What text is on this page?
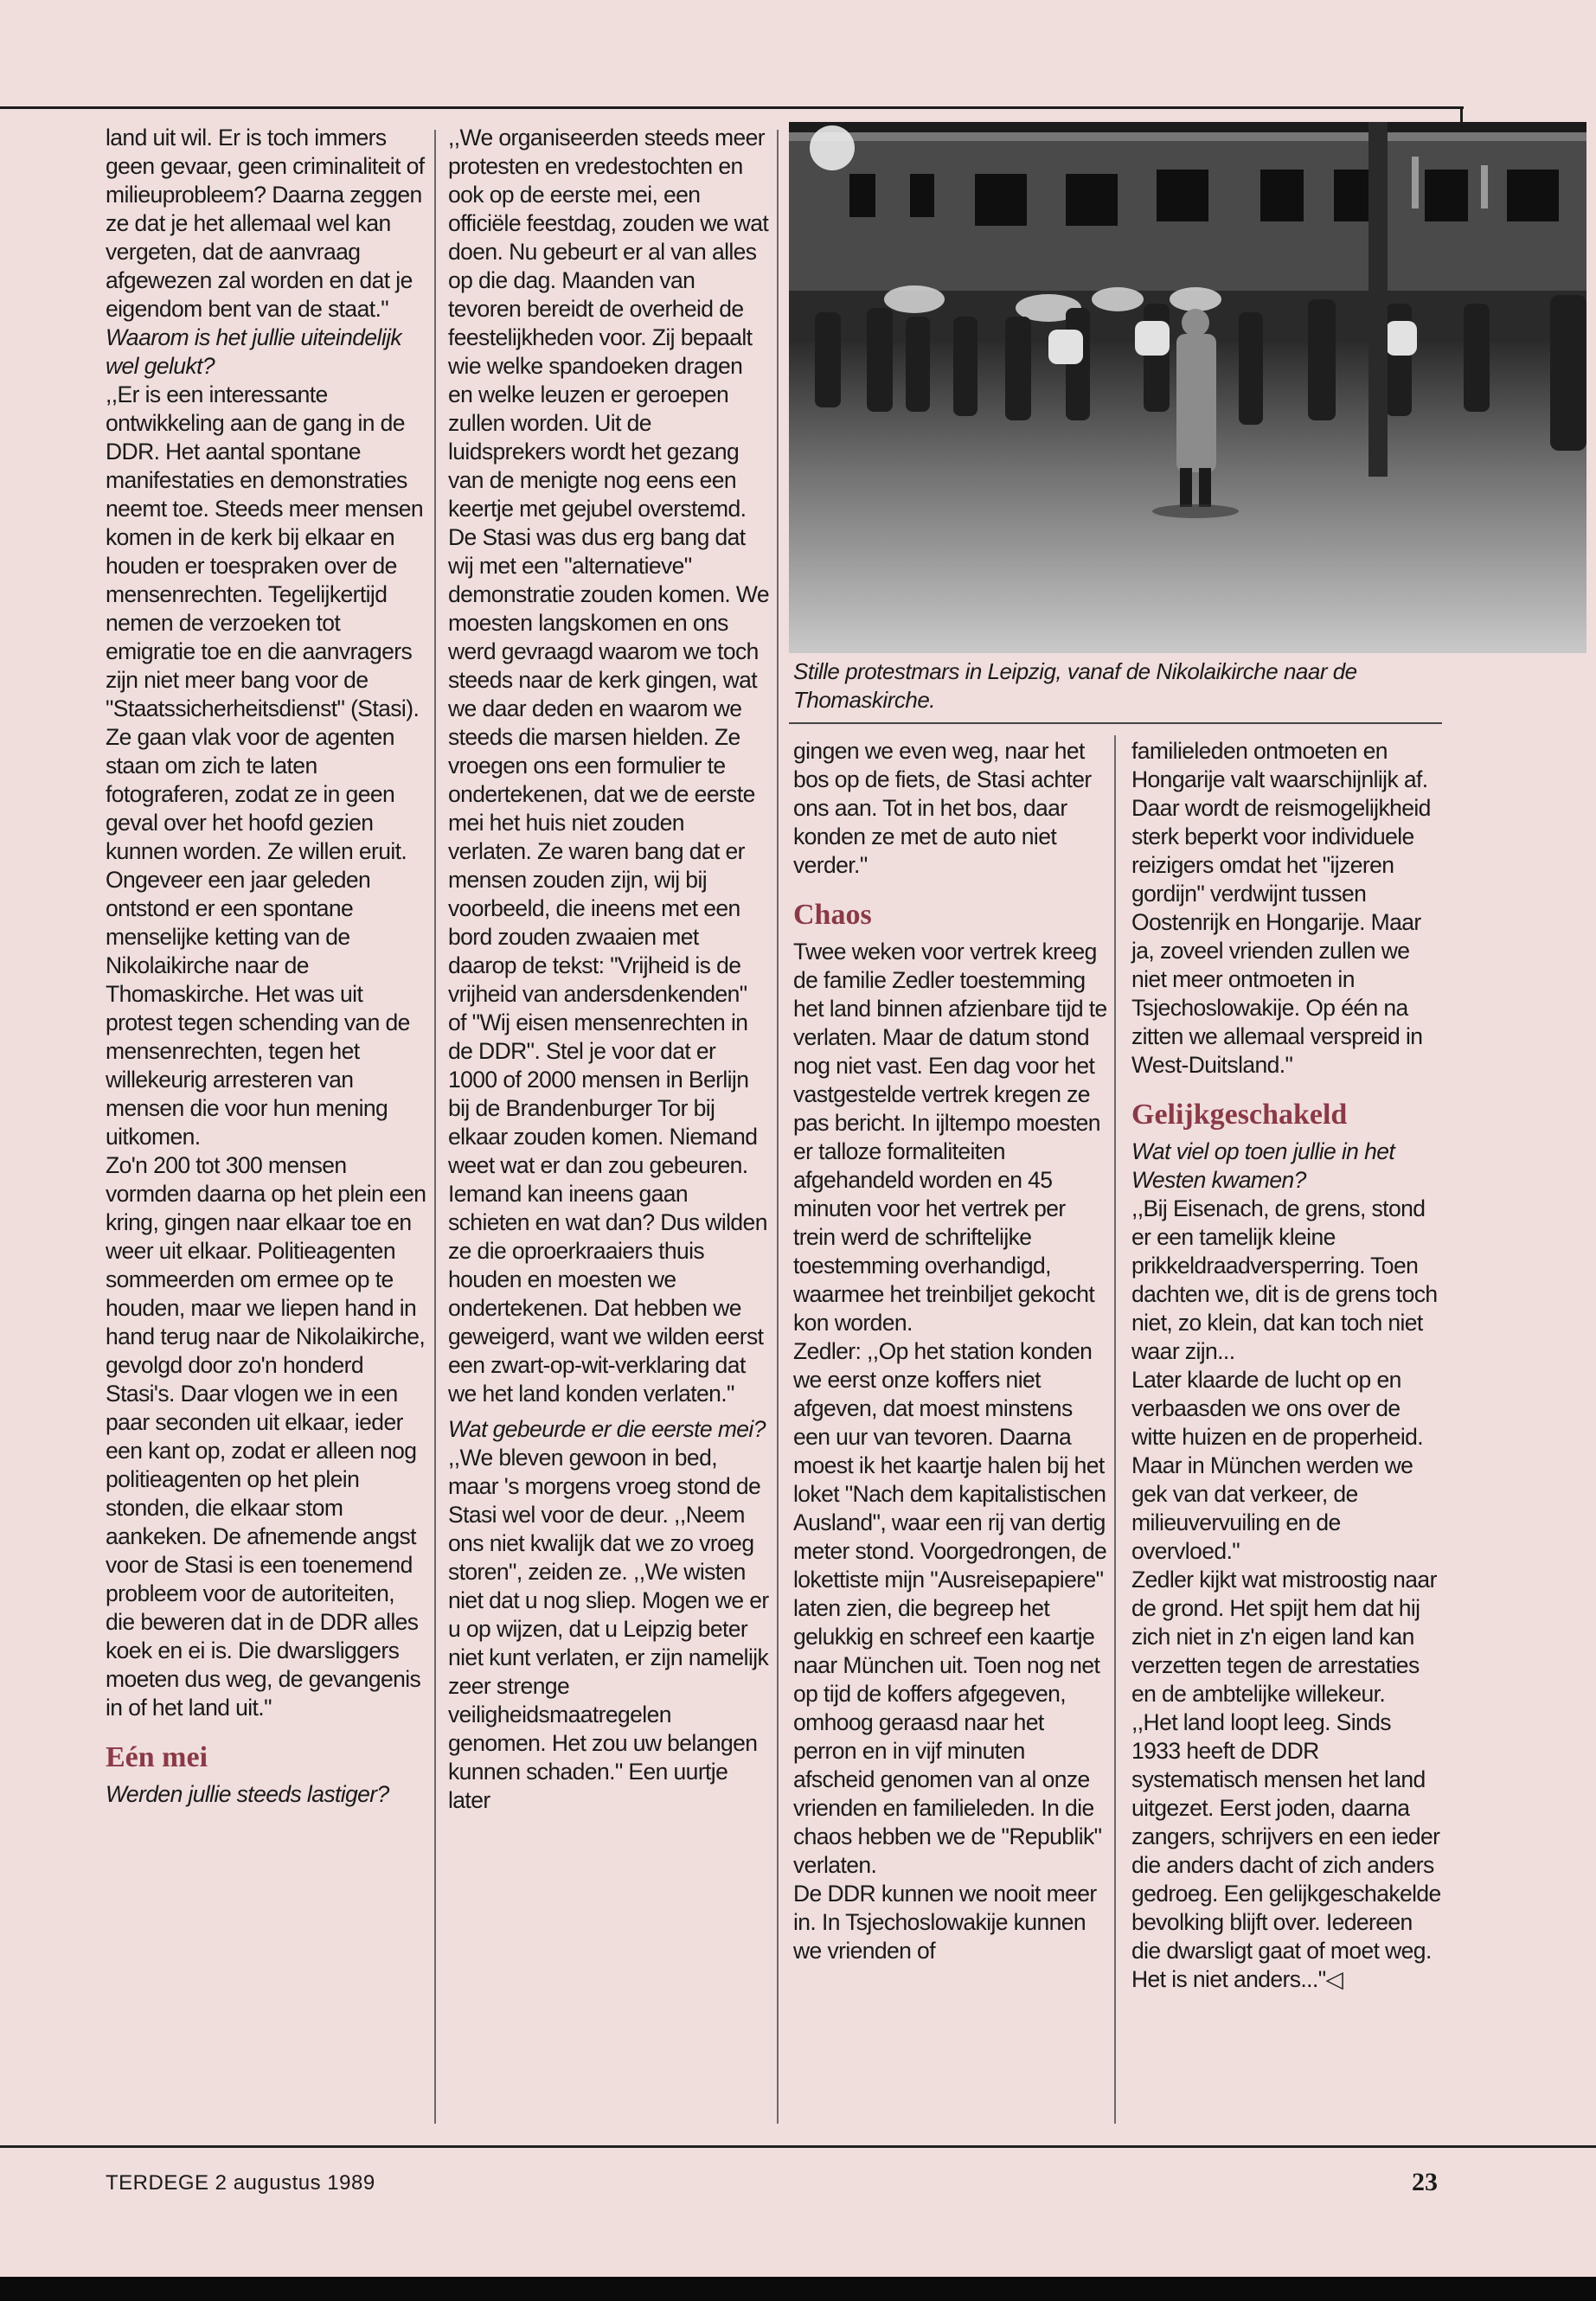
land uit wil. Er is toch immers geen gevaar, geen criminaliteit of milieuprobleem? Daarna zeggen ze dat je het allemaal wel kan vergeten, dat de aanvraag afgewezen zal worden en dat je eigendom bent van de staat."

Waarom is het jullie uiteindelijk wel gelukt?

,,Er is een interessante ontwikkeling aan de gang in de DDR. Het aantal spontane manifestaties en demonstraties neemt toe. Steeds meer mensen komen in de kerk bij elkaar en houden er toespraken over de mensenrechten. Tegelijkertijd nemen de verzoeken tot emigratie toe en die aanvragers zijn niet meer bang voor de "Staatssicherheitsdienst" (Stasi). Ze gaan vlak voor de agenten staan om zich te laten fotograferen, zodat ze in geen geval over het hoofd gezien kunnen worden. Ze willen eruit.

Ongeveer een jaar geleden ontstond er een spontane menselijke ketting van de Nikolaikirche naar de Thomaskirche. Het was uit protest tegen schending van de mensenrechten, tegen het willekeurig arresteren van mensen die voor hun mening uitkomen.

Zo'n 200 tot 300 mensen vormden daarna op het plein een kring, gingen naar elkaar toe en weer uit elkaar. Politieagenten sommeerden om ermee op te houden, maar we liepen hand in hand terug naar de Nikolaikirche, gevolgd door zo'n honderd Stasi's. Daar vlogen we in een paar seconden uit elkaar, ieder een kant op, zodat er alleen nog politieagenten op het plein stonden, die elkaar stom aankeken. De afnemende angst voor de Stasi is een toenemend probleem voor de autoriteiten, die beweren dat in de DDR alles koek en ei is. Die dwarsliggers moeten dus weg, de gevangenis in of het land uit."

Eén mei

Werden jullie steeds lastiger?

,,We organiseerden steeds meer protesten en vredestochten en ook op de eerste mei, een officiële feestdag, zouden we wat doen. Nu gebeurt er al van alles op die dag. Maanden van tevoren bereidt de overheid de feestelijkheden voor. Zij bepaalt wie welke spandoeken dragen en welke leuzen er geroepen zullen worden. Uit de luidsprekers wordt het gezang van de menigte nog eens een keertje met gejubel overstemd.

De Stasi was dus erg bang dat wij met een "alternatieve" demonstratie zouden komen. We moesten langskomen en ons werd gevraagd waarom we toch steeds naar de kerk gingen, wat we daar deden en waarom we steeds die marsen hielden. Ze vroegen ons een formulier te ondertekenen, dat we de eerste mei het huis niet zouden verlaten. Ze waren bang dat er mensen zouden zijn, wij bij voorbeeld, die ineens met een bord zouden zwaaien met daarop de tekst: "Vrijheid is de vrijheid van andersdenkenden" of "Wij eisen mensenrechten in de DDR". Stel je voor dat er 1000 of 2000 mensen in Berlijn bij de Brandenburger Tor bij elkaar zouden komen. Niemand weet wat er dan zou gebeuren. Iemand kan ineens gaan schieten en wat dan? Dus wilden ze die oproerkraaiers thuis houden en moesten we ondertekenen. Dat hebben we geweigerd, want we wilden eerst een zwart-op-wit-verklaring dat we het land konden verlaten."

Wat gebeurde er die eerste mei?

,,We bleven gewoon in bed, maar 's morgens vroeg stond de Stasi wel voor de deur. ,,Neem ons niet kwalijk dat we zo vroeg storen", zeiden ze. ,,We wisten niet dat u nog sliep. Mogen we er u op wijzen, dat u Leipzig beter niet kunt verlaten, er zijn namelijk zeer strenge veiligheidsmaatregelen genomen. Het zou uw belangen kunnen schaden." Een uurtje later

Stille protestmars in Leipzig, vanaf de Nikolaikirche naar de Thomaskirche.

gingen we even weg, naar het bos op de fiets, de Stasi achter ons aan. Tot in het bos, daar konden ze met de auto niet verder."

Chaos

Twee weken voor vertrek kreeg de familie Zedler toestemming het land binnen afzienbare tijd te verlaten. Maar de datum stond nog niet vast. Een dag voor het vastgestelde vertrek kregen ze pas bericht. In ijltempo moesten er talloze formaliteiten afgehandeld worden en 45 minuten voor het vertrek per trein werd de schriftelijke toestemming overhandigd, waarmee het treinbiljet gekocht kon worden.

Zedler: ,,Op het station konden we eerst onze koffers niet afgeven, dat moest minstens een uur van tevoren. Daarna moest ik het kaartje halen bij het loket "Nach dem kapitalistischen Ausland", waar een rij van dertig meter stond. Voorgedrongen, de lokettiste mijn "Ausreisepapiere" laten zien, die begreep het gelukkig en schreef een kaartje naar München uit. Toen nog net op tijd de koffers afgegeven, omhoog geraasd naar het perron en in vijf minuten afscheid genomen van al onze vrienden en familieleden. In die chaos hebben we de "Republik" verlaten.

De DDR kunnen we nooit meer in. In Tsjechoslowakije kunnen we vrienden of

familieleden ontmoeten en Hongarije valt waarschijnlijk af. Daar wordt de reismogelijkheid sterk beperkt voor individuele reizigers omdat het "ijzeren gordijn" verdwijnt tussen Oostenrijk en Hongarije. Maar ja, zoveel vrienden zullen we niet meer ontmoeten in Tsjechoslowakije. Op één na zitten we allemaal verspreid in West-Duitsland."

Gelijkgeschakeld

Wat viel op toen jullie in het Westen kwamen?

,,Bij Eisenach, de grens, stond er een tamelijk kleine prikkeldraadversperring. Toen dachten we, dit is de grens toch niet, zo klein, dat kan toch niet waar zijn...

Later klaarde de lucht op en verbaasden we ons over de witte huizen en de properheid. Maar in München werden we gek van dat verkeer, de milieuvervuiling en de overvloed."

Zedler kijkt wat mistroostig naar de grond. Het spijt hem dat hij zich niet in z'n eigen land kan verzetten tegen de arrestaties en de ambtelijke willekeur.

,,Het land loopt leeg. Sinds 1933 heeft de DDR systematisch mensen het land uitgezet. Eerst joden, daarna zangers, schrijvers en een ieder die anders dacht of zich anders gedroeg. Een gelijkgeschakelde bevolking blijft over. Iedereen die dwarsligt gaat of moet weg. Het is niet anders..."◁

TERDEGE 2 augustus 1989	23
